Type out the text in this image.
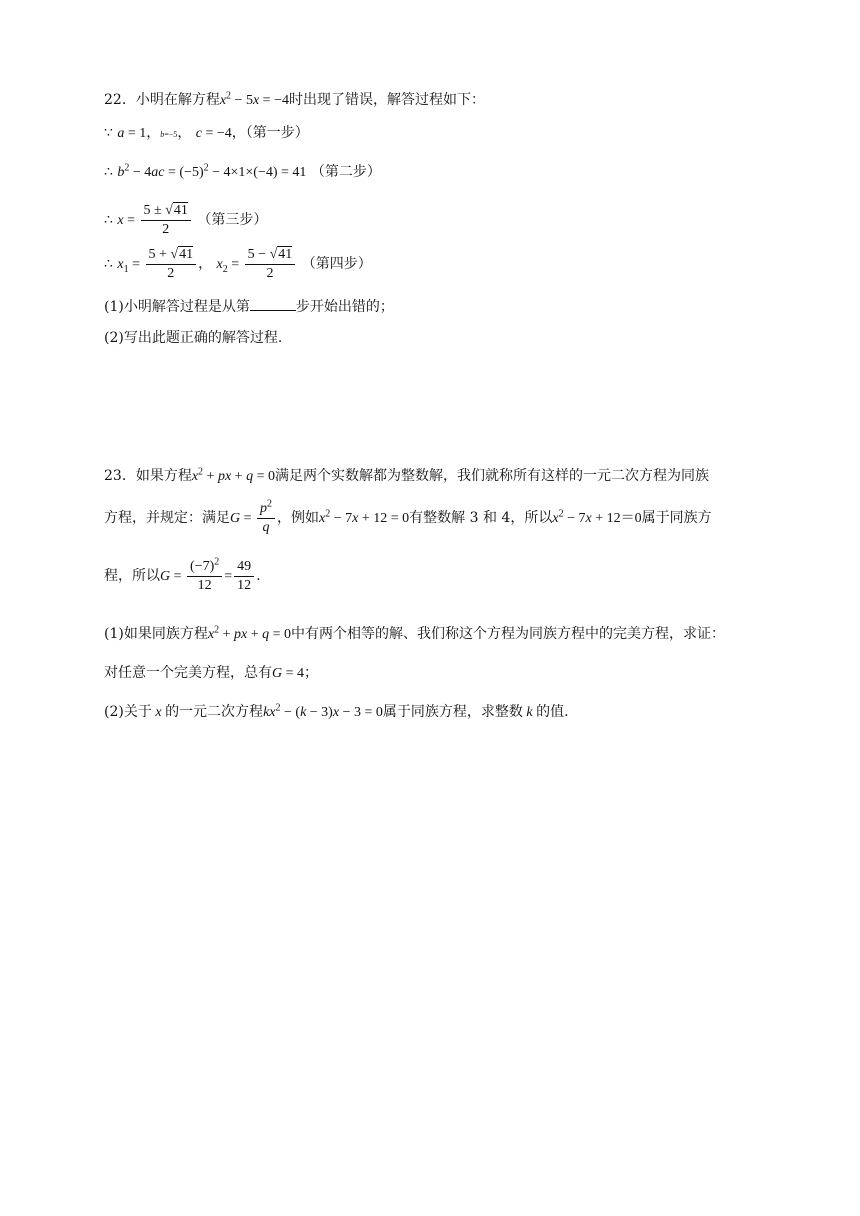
22．小明在解方程$x^2 - 5x = -4$时出现了错误，解答过程如下：
∵ a = 1，b=−5， c = −4，（第一步）
∴ $b^2 - 4ac = (-5)^2 - 4\times 1\times(-4) = 41$ （第二步）
∴ $x = \frac{5 \pm √41}{2}$ （第三步）
∴ $x_1 = \frac{5 + √41}{2}$ ， $x_2 = \frac{5 - √41}{2}$ （第四步）
(1)小明解答过程是从第	步开始出错的；
(2)写出此题正确的解答过程.
23．如果方程$x^2$ + px + q = 0满足两个实数解都为整数解，我们就称所有这样的一元二次方程为同族
方程，并规定：满足$G = \frac{p^2}{q}$ ，例如$x^2 - 7x + 12 = 0$有整数解 3 和 4，所以$x^2 - 7x + 12=0$属于同族方
程，所以$G = \frac{(-7)^2}{12} = \frac{49}{12}$ .
(1)如果同族方程$x^2$ + px + q = 0中有两个相等的解、我们称这个方程为同族方程中的完美方程，求证：
对任意一个完美方程，总有G = 4；
(2)关于 x 的一元二次方程$kx^2 - (k - 3)x - 3 = 0$属于同族方程，求整数 k 的值.
